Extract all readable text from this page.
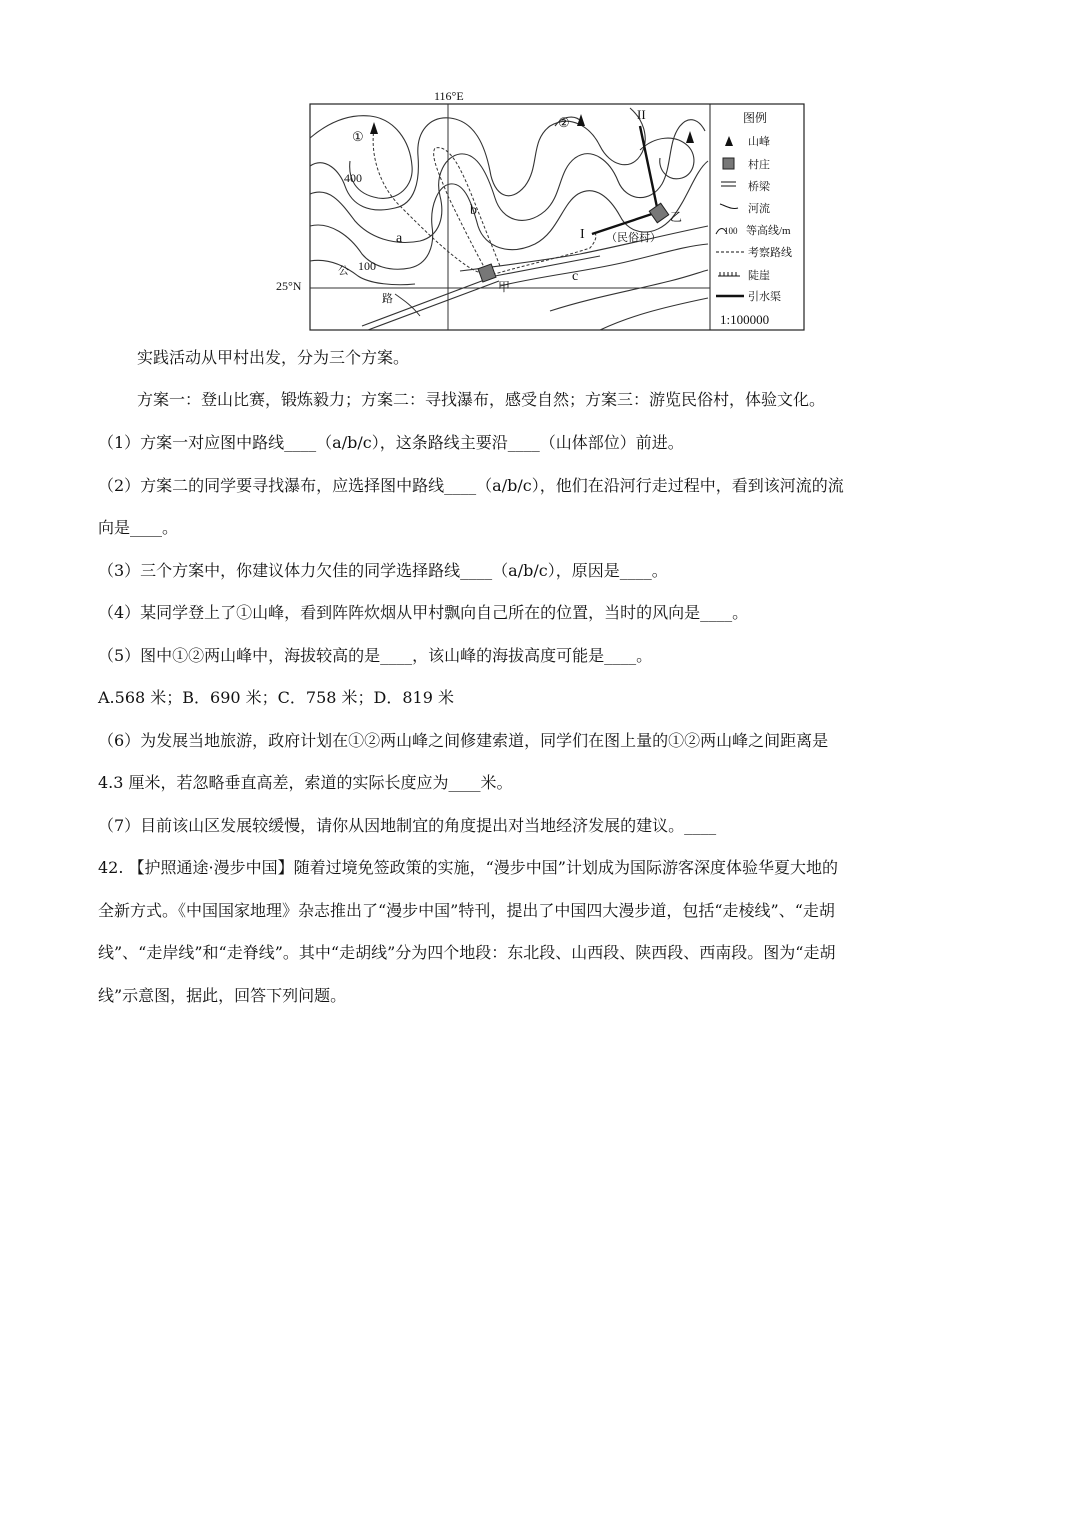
116°E
25°N
①
②
400
100
a
b
c
I
II
甲
乙
（民俗村）
公
路
图例
山峰
村庄
桥梁
河流
100 等高线/m
考察路线
陡崖
引水渠
1:100000
实践活动从甲村出发，分为三个方案。
方案一：登山比赛，锻炼毅力；方案二：寻找瀑布，感受自然；方案三：游览民俗村，体验文化。
（1）方案一对应图中路线____（a/b/c），这条路线主要沿____（山体部位）前进。
（2）方案二的同学要寻找瀑布，应选择图中路线____（a/b/c），他们在沿河行走过程中，看到该河流的流
向是____。
（3）三个方案中，你建议体力欠佳的同学选择路线____（a/b/c），原因是____。
（4）某同学登上了①山峰，看到阵阵炊烟从甲村飘向自己所在的位置，当时的风向是____。
（5）图中①②两山峰中，海拔较高的是____，该山峰的海拔高度可能是____。
A.568 米；B．690 米；C．758 米；D．819 米
（6）为发展当地旅游，政府计划在①②两山峰之间修建索道，同学们在图上量的①②两山峰之间距离是
4.3 厘米，若忽略垂直高差，索道的实际长度应为____米。
（7）目前该山区发展较缓慢，请你从因地制宜的角度提出对当地经济发展的建议。____
42. 【护照通途·漫步中国】随着过境免签政策的实施，“漫步中国”计划成为国际游客深度体验华夏大地的
全新方式。《中国国家地理》杂志推出了“漫步中国”特刊，提出了中国四大漫步道，包括“走棱线”、“走胡
线”、“走岸线”和“走脊线”。其中“走胡线”分为四个地段：东北段、山西段、陕西段、西南段。图为“走胡
线”示意图，据此，回答下列问题。
